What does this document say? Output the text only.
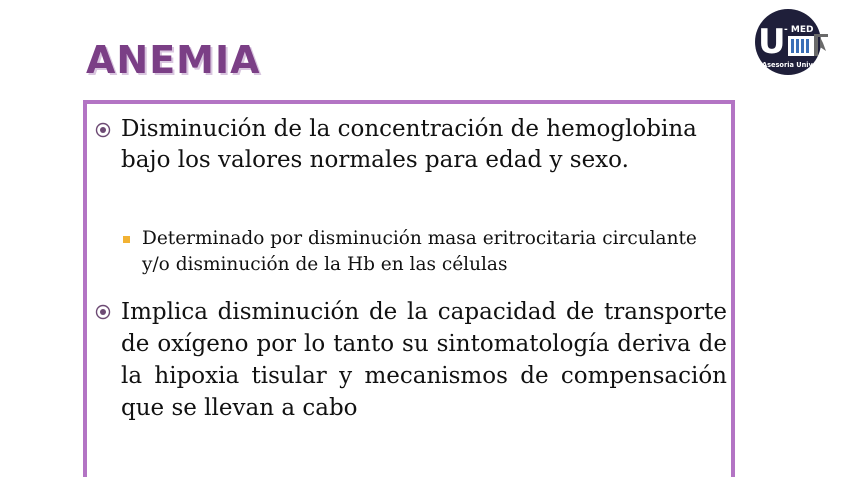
ANEMIA	U
- MED
Asesoria Universitaria
Disminución de la concentración de hemoglobina bajo los valores normales para edad y sexo.
Determinado por disminución masa eritrocitaria circulante y/o disminución de la Hb en las células
Implica disminución de la capacidad de transporte de oxígeno por lo tanto su sintomatología deriva de la hipoxia tisular y mecanismos de compensación que se llevan a cabo
